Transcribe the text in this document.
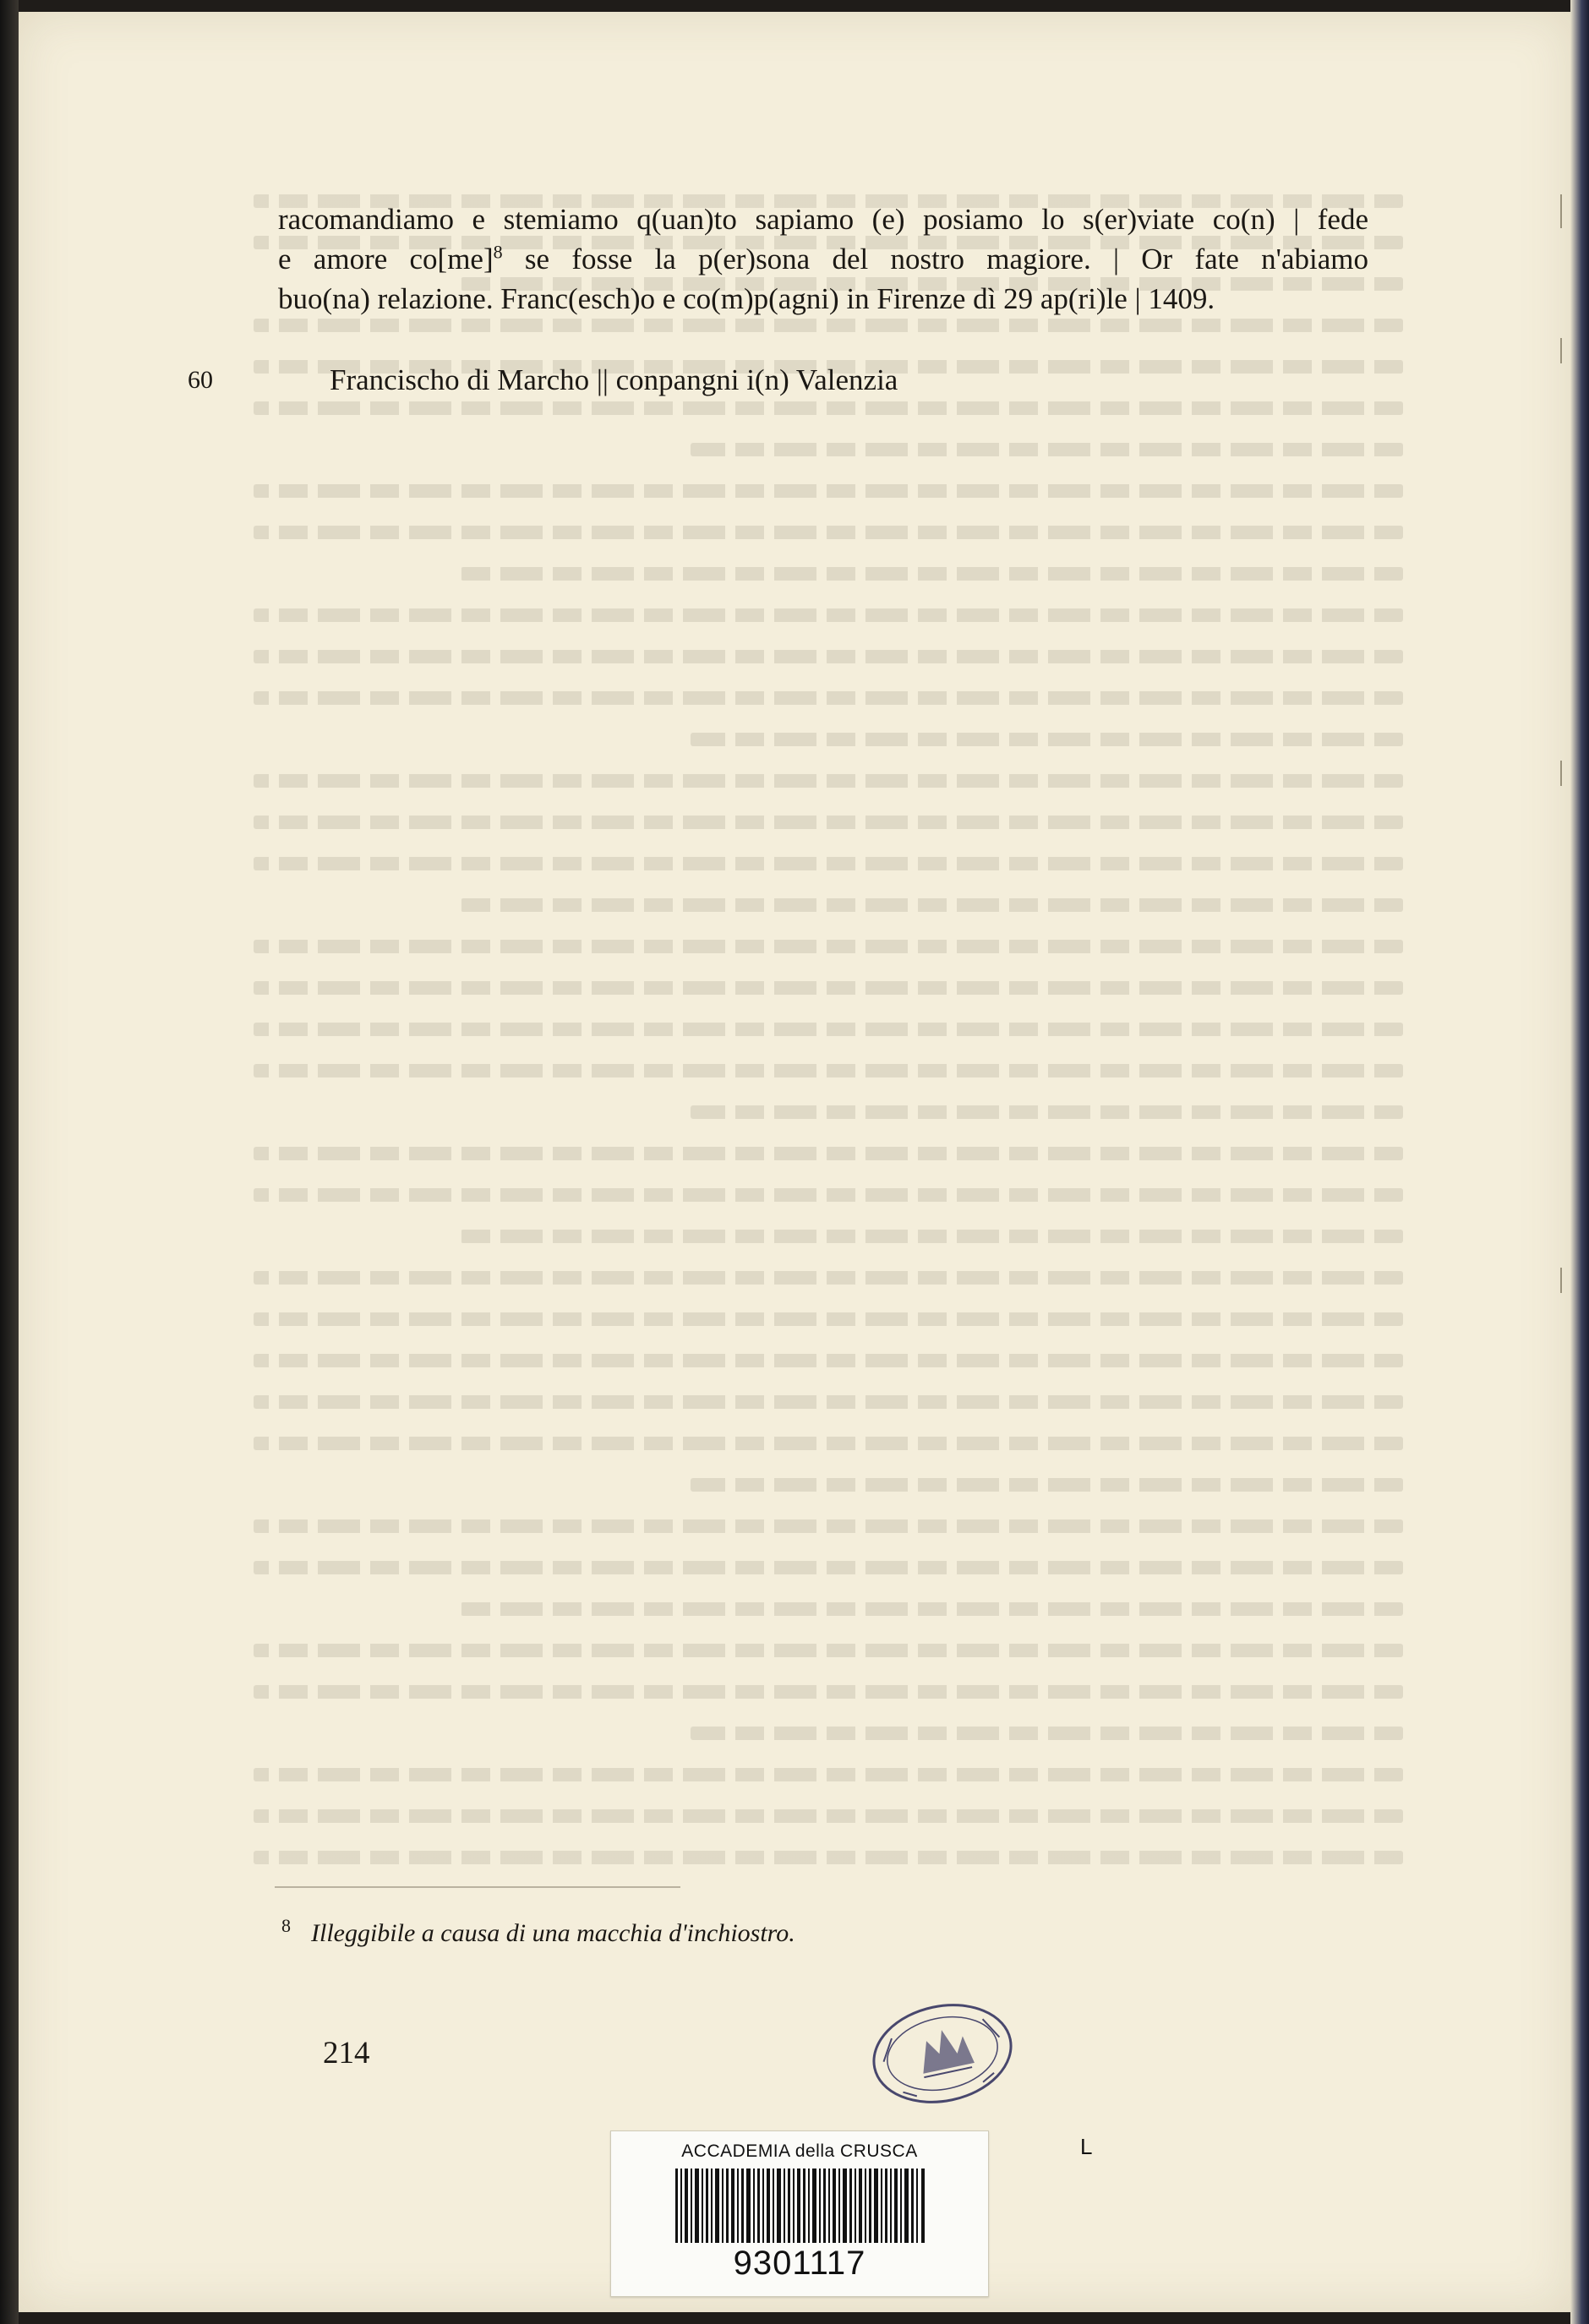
racomandiamo e stemiamo q(uan)to sapiamo (e) posiamo lo s(er)viate co(n) | fede
e amore co[me]$^8$ se fosse la p(er)sona del nostro magiore. | Or fate n'abiamo
buo(na) relazione. Franc(esch)o e co(m)p(agni) in Firenze dì 29 ap(ri)le | 1409.
60	Francischo di Marcho || conpangni i(n) Valenzia
$^8$ Illeggibile a causa di una macchia d'inchiostro.
214
ACCADEMIA della CRUSCA
9301117
L
